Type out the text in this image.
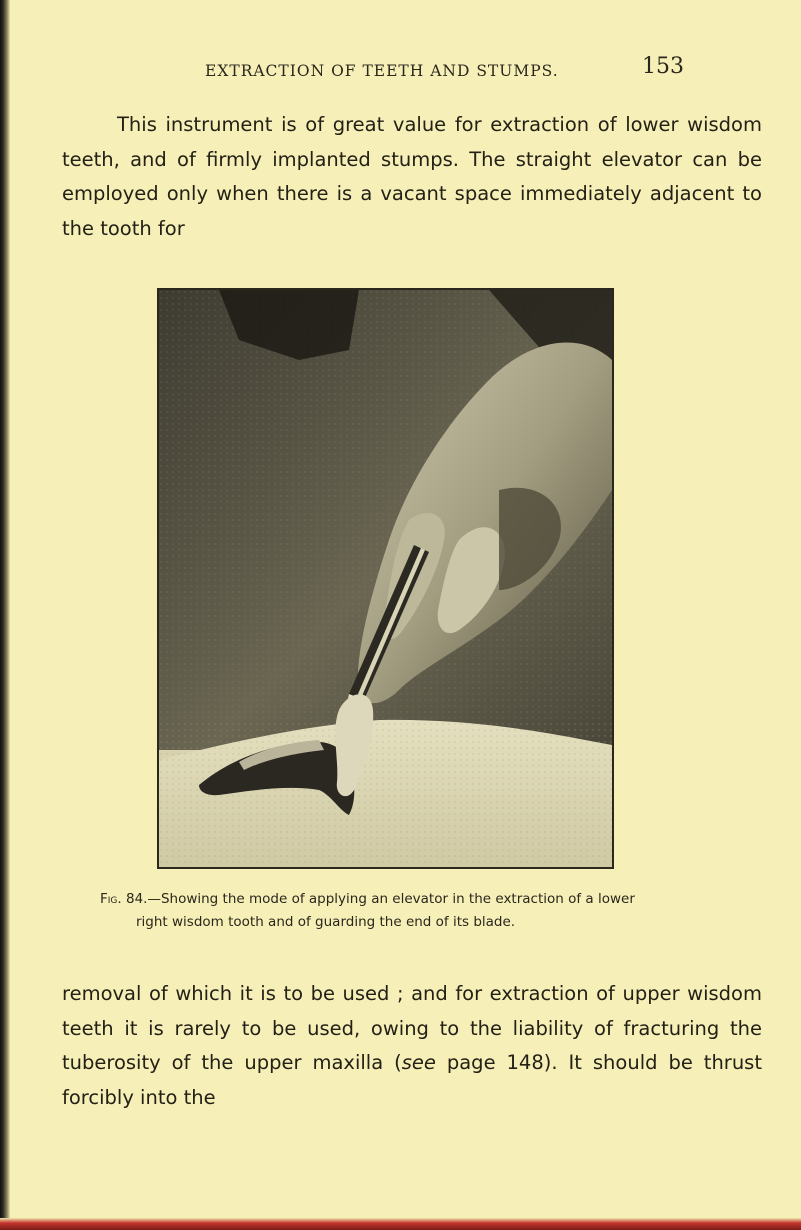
EXTRACTION OF TEETH AND STUMPS.	153

This instrument is of great value for extraction of lower wisdom teeth, and of firmly implanted stumps. The straight elevator can be employed only when there is a vacant space immediately adjacent to the tooth for

Fig. 84.—Showing the mode of applying an elevator in the extraction of a lower
right wisdom tooth and of guarding the end of its blade.

removal of which it is to be used ; and for extraction of upper wisdom teeth it is rarely to be used, owing to the liability of fracturing the tuberosity of the upper maxilla (see page 148). It should be thrust forcibly into the
